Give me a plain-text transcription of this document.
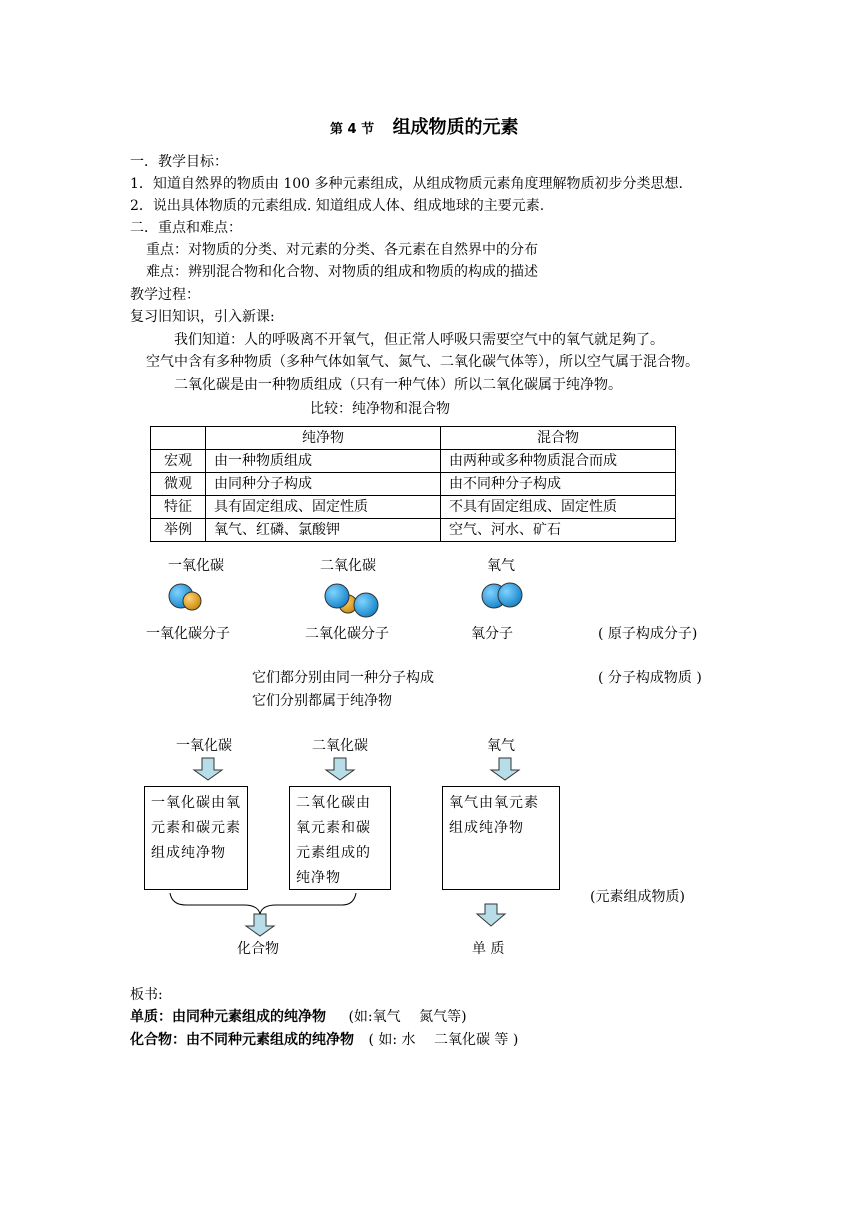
第 4 节 组成物质的元素
一．教学目标：
1．知道自然界的物质由 100 多种元素组成，从组成物质元素角度理解物质初步分类思想.
2．说出具体物质的元素组成. 知道组成人体、组成地球的主要元素.
二．重点和难点：
重点：对物质的分类、对元素的分类、各元素在自然界中的分布
难点：辨别混合物和化合物、对物质的组成和物质的构成的描述
教学过程：
复习旧知识，引入新课:
我们知道：人的呼吸离不开氧气，但正常人呼吸只需要空气中的氧气就足夠了。
空气中含有多种物质（多种气体如氧气、氮气、二氧化碳气体等），所以空气属于混合物。
二氧化碳是由一种物质组成（只有一种气体）所以二氧化碳属于纯净物。
比较：纯净物和混合物
	纯净物	混合物
宏观	由一种物质组成	由两种或多种物质混合而成
微观	由同种分子构成	由不同种分子构成
特征	具有固定组成、固定性质	不具有固定组成、固定性质
举例	氧气、红磷、氯酸钾	空气、河水、矿石
一氧化碳	二氧化碳	氧气
一氧化碳分子	二氧化碳分子	氧分子	( 原子构成分子)
它们都分别由同一种分子构成	( 分子构成物质 )
它们分别都属于纯净物
一氧化碳	二氧化碳	氧气
一氧化碳由氧元素和碳元素组成纯净物
二氧化碳由氧元素和碳元素组成的纯净物
氧气由氧元素组成纯净物
(元素组成物质)
化合物	单 质
板书:
单质：由同种元素组成的纯净物 (如:氧气　 氮气等)
化合物：由不同种元素组成的纯净物 ( 如: 水　 二氧化碳 等 )
